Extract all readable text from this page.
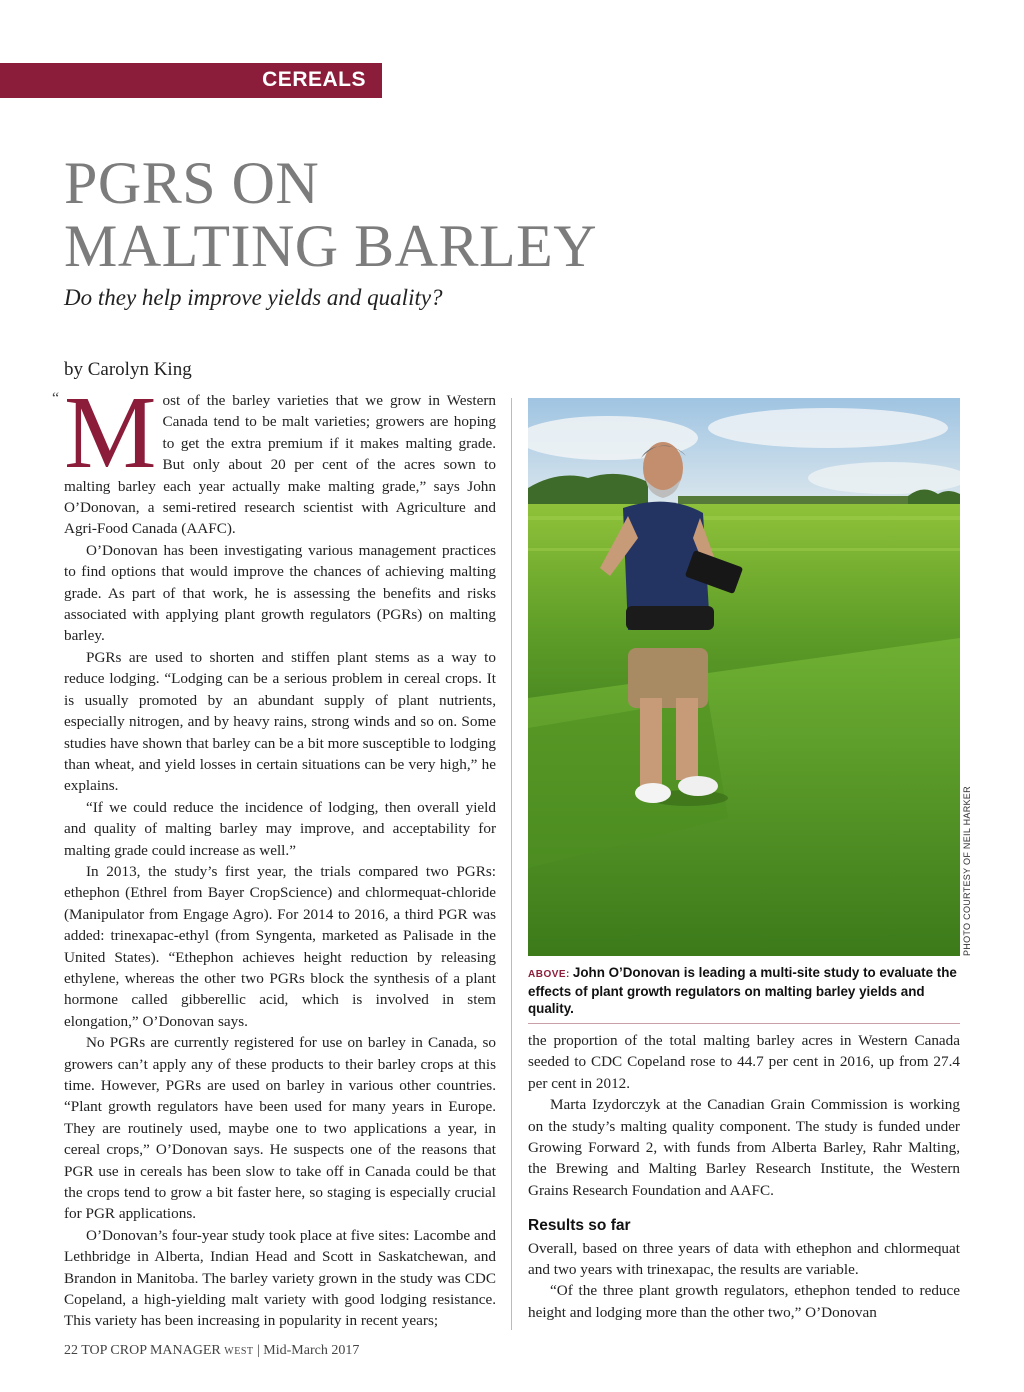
CEREALS
PGRS ON
MALTING BARLEY

Do they help improve yields and quality?

by Carolyn King

“ Most of the barley varieties that we grow in Western Canada tend to be malt varieties; growers are hoping to get the extra premium if it makes malting grade. But only about 20 per cent of the acres sown to malting barley each year actually make malting grade,” says John O’Donovan, a semi-retired research scientist with Agriculture and Agri-Food Canada (AAFC).

O’Donovan has been investigating various management practices to find options that would improve the chances of achieving malting grade. As part of that work, he is assessing the benefits and risks associated with applying plant growth regulators (PGRs) on malting barley.

PGRs are used to shorten and stiffen plant stems as a way to reduce lodging. “Lodging can be a serious problem in cereal crops. It is usually promoted by an abundant supply of plant nutrients, especially nitrogen, and by heavy rains, strong winds and so on. Some studies have shown that barley can be a bit more susceptible to lodging than wheat, and yield losses in certain situations can be very high,” he explains.

“If we could reduce the incidence of lodging, then overall yield and quality of malting barley may improve, and acceptability for malting grade could increase as well.”

In 2013, the study’s first year, the trials compared two PGRs: ethephon (Ethrel from Bayer CropScience) and chlormequat-chloride (Manipulator from Engage Agro). For 2014 to 2016, a third PGR was added: trinexapac-ethyl (from Syngenta, marketed as Palisade in the United States). “Ethephon achieves height reduction by releasing ethylene, whereas the other two PGRs block the synthesis of a plant hormone called gibberellic acid, which is involved in stem elongation,” O’Donovan says.

No PGRs are currently registered for use on barley in Canada, so growers can’t apply any of these products to their barley crops at this time. However, PGRs are used on barley in various other countries. “Plant growth regulators have been used for many years in Europe. They are routinely used, maybe one to two applications a year, in cereal crops,” O’Donovan says. He suspects one of the reasons that PGR use in cereals has been slow to take off in Canada could be that the crops tend to grow a bit faster here, so staging is especially crucial for PGR applications.

O’Donovan’s four-year study took place at five sites: Lacombe and Lethbridge in Alberta, Indian Head and Scott in Saskatchewan, and Brandon in Manitoba. The barley variety grown in the study was CDC Copeland, a high-yielding malt variety with good lodging resistance. This variety has been increasing in popularity in recent years;

PHOTO COURTESY OF NEIL HARKER
ABOVE: John O’Donovan is leading a multi-site study to evaluate the effects of plant growth regulators on malting barley yields and quality.

the proportion of the total malting barley acres in Western Canada seeded to CDC Copeland rose to 44.7 per cent in 2016, up from 27.4 per cent in 2012.

Marta Izydorczyk at the Canadian Grain Commission is working on the study’s malting quality component. The study is funded under Growing Forward 2, with funds from Alberta Barley, Rahr Malting, the Brewing and Malting Barley Research Institute, the Western Grains Research Foundation and AAFC.

Results so far

Overall, based on three years of data with ethephon and chlormequat and two years with trinexapac, the results are variable.

“Of the three plant growth regulators, ethephon tended to reduce height and lodging more than the other two,” O’Donovan

22 TOP CROP MANAGER WEST | Mid-March 2017
